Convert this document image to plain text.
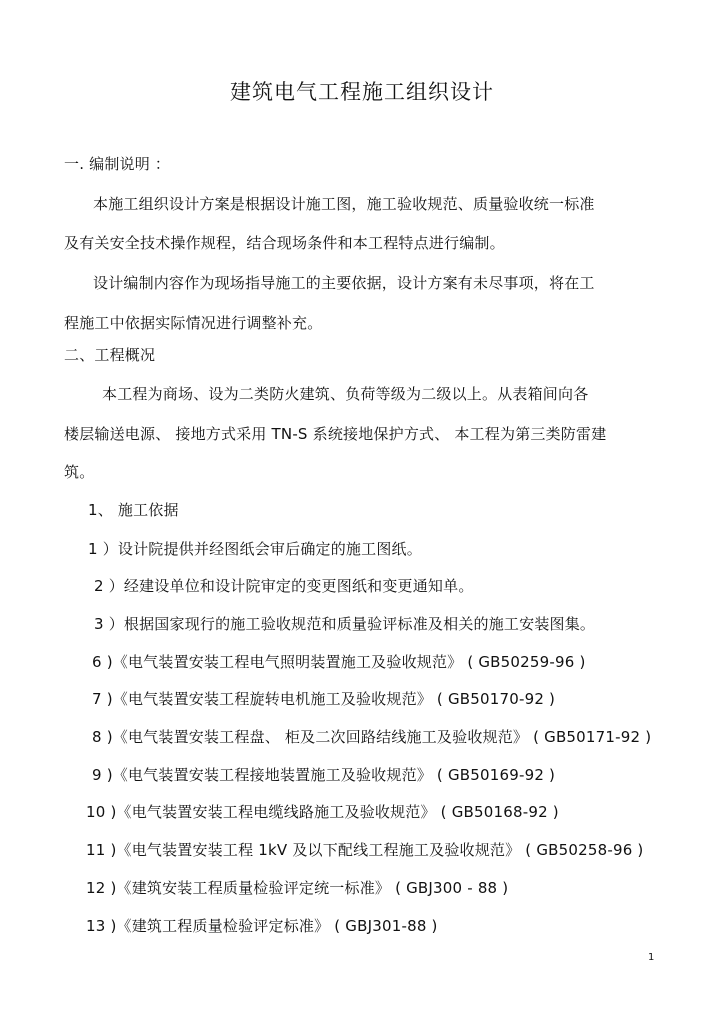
建筑电气工程施工组织设计
一. 编制说明 ：
本施工组织设计方案是根据设计施工图，施工验收规范、质量验收统一标准
及有关安全技术操作规程，结合现场条件和本工程特点进行编制。
设计编制内容作为现场指导施工的主要依据，设计方案有未尽事项，将在工
程施工中依据实际情况进行调整补充。
二、工程概况
本工程为商场、设为二类防火建筑、负荷等级为二级以上。从表箱间向各
楼层输送电源、 接地方式采用 TN-S 系统接地保护方式、 本工程为第三类防雷建
筑。
1、 施工依据
1 ）设计院提供并经图纸会审后确定的施工图纸。
2 ）经建设单位和设计院审定的变更图纸和变更通知单。
3 ）根据国家现行的施工验收规范和质量验评标准及相关的施工安装图集。
6 )《电气装置安装工程电气照明装置施工及验收规范》 ( GB50259-96 )
7 )《电气装置安装工程旋转电机施工及验收规范》 ( GB50170-92 )
8 )《电气装置安装工程盘、 柜及二次回路结线施工及验收规范》 ( GB50171-92 )
9 )《电气装置安装工程接地装置施工及验收规范》 ( GB50169-92 )
10 )《电气装置安装工程电缆线路施工及验收规范》 ( GB50168-92 )
11 )《电气装置安装工程 1kV 及以下配线工程施工及验收规范》 ( GB50258-96 )
12 )《建筑安装工程质量检验评定统一标准》 ( GBJ300 - 88 )
13 )《建筑工程质量检验评定标准》 ( GBJ301-88 )
1
